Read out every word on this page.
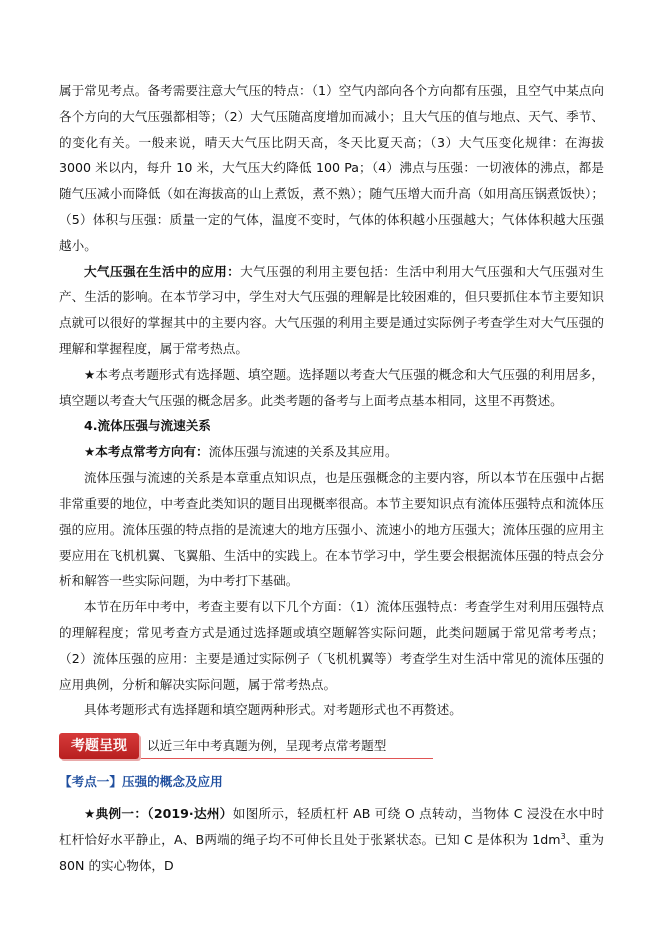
属于常见考点。备考需要注意大气压的特点：（1）空气内部向各个方向都有压强，且空气中某点向各个方向的大气压强都相等；（2）大气压随高度增加而减小；且大气压的值与地点、天气、季节、的变化有关。一般来说，晴天大气压比阴天高，冬天比夏天高；（3）大气压变化规律：在海拔 3000 米以内，每升 10 米，大气压大约降低 100 Pa；（4）沸点与压强：一切液体的沸点，都是随气压减小而降低（如在海拔高的山上煮饭，煮不熟）；随气压增大而升高（如用高压锅煮饭快）；（5）体积与压强：质量一定的气体，温度不变时，气体的体积越小压强越大；气体体积越大压强越小。

大气压强在生活中的应用：大气压强的利用主要包括：生活中利用大气压强和大气压强对生产、生活的影响。在本节学习中，学生对大气压强的理解是比较困难的，但只要抓住本节主要知识点就可以很好的掌握其中的主要内容。大气压强的利用主要是通过实际例子考查学生对大气压强的理解和掌握程度，属于常考热点。

★本考点考题形式有选择题、填空题。选择题以考查大气压强的概念和大气压强的利用居多，填空题以考查大气压强的概念居多。此类考题的备考与上面考点基本相同，这里不再赘述。

4.流体压强与流速关系

★本考点常考方向有：流体压强与流速的关系及其应用。

流体压强与流速的关系是本章重点知识点，也是压强概念的主要内容，所以本节在压强中占据非常重要的地位，中考查此类知识的题目出现概率很高。本节主要知识点有流体压强特点和流体压强的应用。流体压强的特点指的是流速大的地方压强小、流速小的地方压强大；流体压强的应用主要应用在飞机机翼、飞翼船、生活中的实践上。在本节学习中，学生要会根据流体压强的特点会分析和解答一些实际问题，为中考打下基础。

本节在历年中考中，考查主要有以下几个方面：（1）流体压强特点：考查学生对利用压强特点的理解程度；常见考查方式是通过选择题或填空题解答实际问题，此类问题属于常见常考考点；（2）流体压强的应用：主要是通过实际例子（飞机机翼等）考查学生对生活中常见的流体压强的应用典例，分析和解决实际问题，属于常考热点。

具体考题形式有选择题和填空题两种形式。对考题形式也不再赘述。

考题呈现	以近三年中考真题为例，呈现考点常考题型
【考点一】压强的概念及应用

★典例一：（2019·达州）如图所示，轻质杠杆 AB 可绕 O 点转动，当物体 C 浸没在水中时杠杆恰好水平静止，A、B两端的绳子均不可伸长且处于张紧状态。已知 C 是体积为 $1dm^3$、重为 80N 的实心物体，D
